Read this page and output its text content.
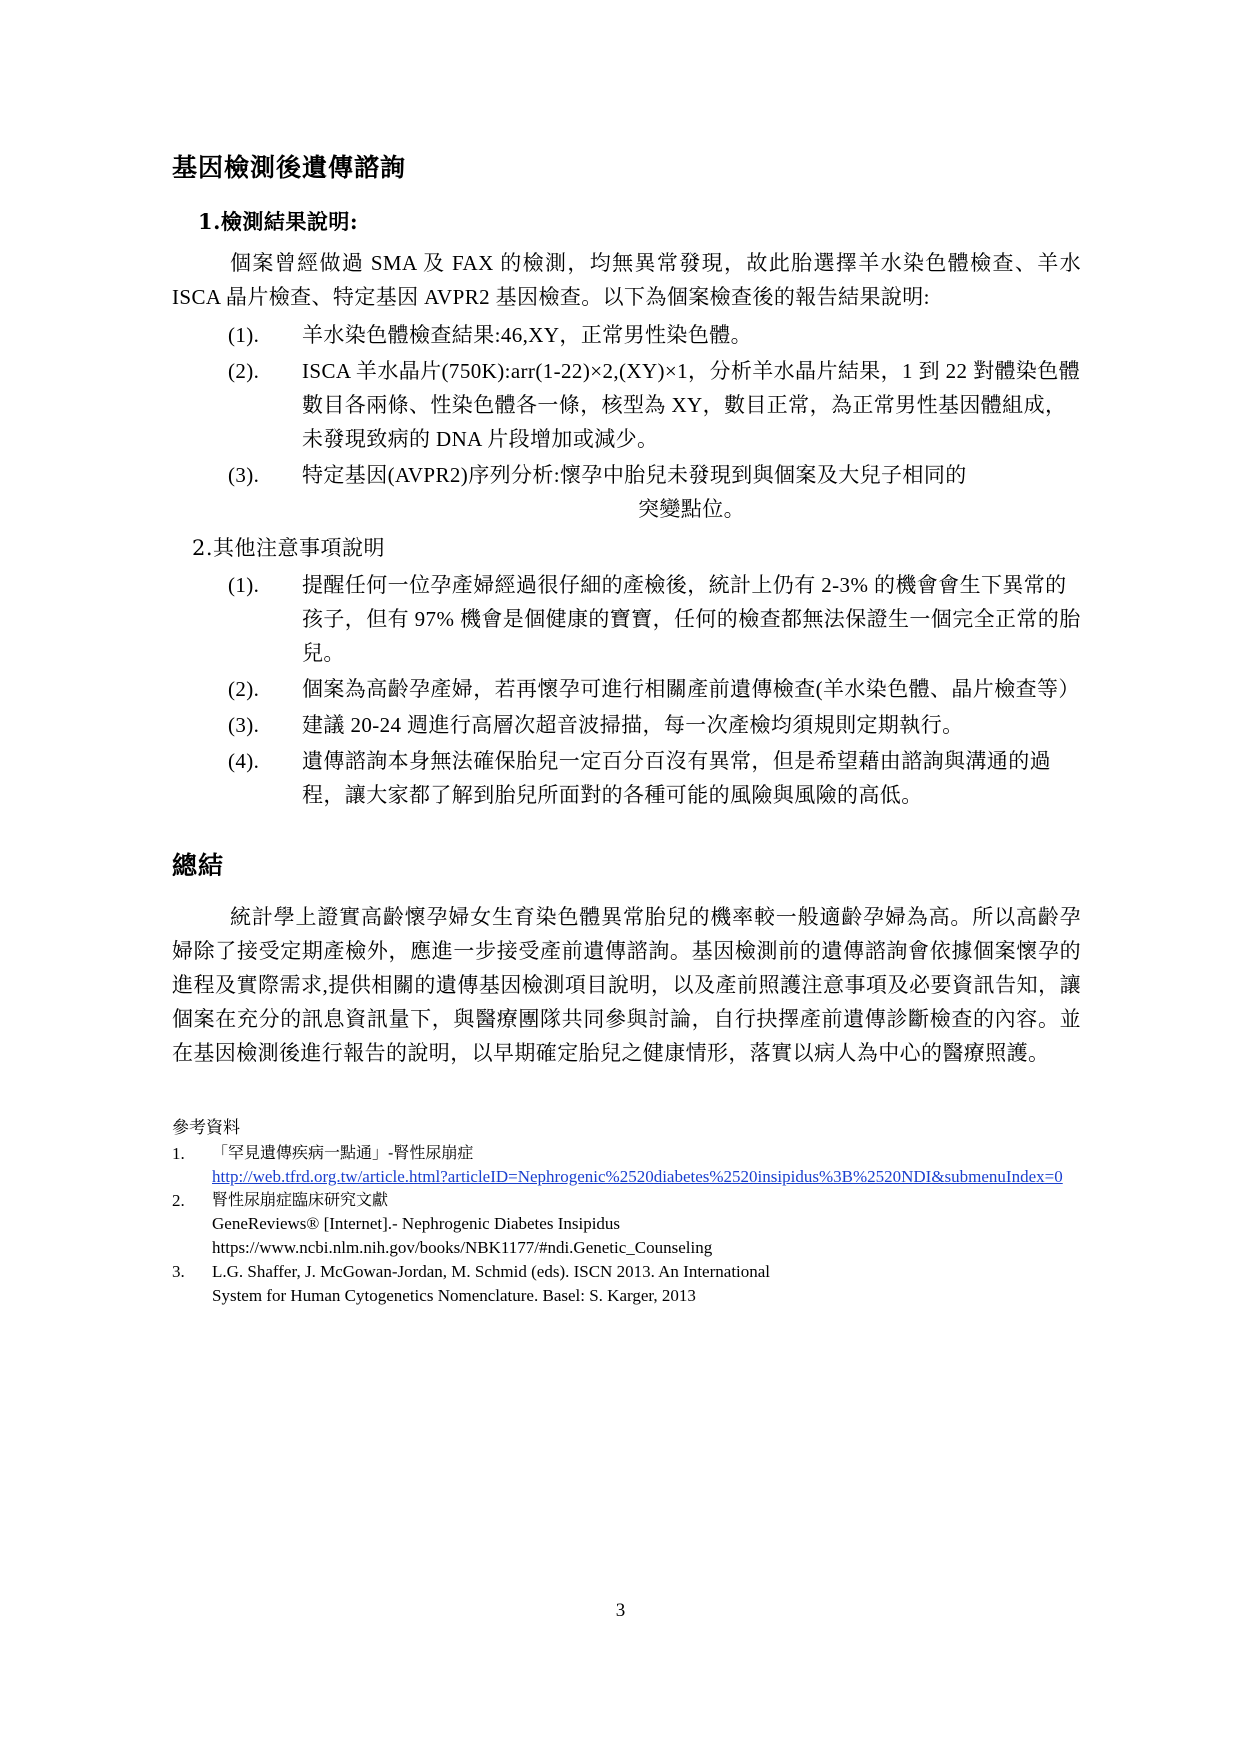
基因檢測後遺傳諮詢
1.檢測結果說明:

個案曾經做過 SMA 及 FAX 的檢測，均無異常發現，故此胎選擇羊水染色體檢查、羊水 ISCA 晶片檢查、特定基因 AVPR2 基因檢查。以下為個案檢查後的報告結果說明:

(1). 羊水染色體檢查結果:46,XY，正常男性染色體。
(2). ISCA 羊水晶片(750K):arr(1-22)×2,(XY)×1，分析羊水晶片結果，1 到 22 對體染色體數目各兩條、性染色體各一條，核型為 XY，數目正常，為正常男性基因體組成，未發現致病的 DNA 片段增加或減少。
(3). 特定基因(AVPR2)序列分析:懷孕中胎兒未發現到與個案及大兒子相同的
突變點位。
2.其他注意事項說明
(1). 提醒任何一位孕產婦經過很仔細的產檢後，統計上仍有 2-3% 的機會會生下異常的孩子，但有 97% 機會是個健康的寶寶，任何的檢查都無法保證生一個完全正常的胎兒。
(2). 個案為高齡孕產婦，若再懷孕可進行相關產前遺傳檢查(羊水染色體、晶片檢查等）
(3). 建議 20-24 週進行高層次超音波掃描，每一次產檢均須規則定期執行。
(4). 遺傳諮詢本身無法確保胎兒一定百分百沒有異常，但是希望藉由諮詢與溝通的過程，讓大家都了解到胎兒所面對的各種可能的風險與風險的高低。
總結

統計學上證實高齡懷孕婦女生育染色體異常胎兒的機率較一般適齡孕婦為高。所以高齡孕婦除了接受定期產檢外，應進一步接受產前遺傳諮詢。基因檢測前的遺傳諮詢會依據個案懷孕的進程及實際需求,提供相關的遺傳基因檢測項目說明，以及產前照護注意事項及必要資訊告知，讓個案在充分的訊息資訊量下，與醫療團隊共同參與討論，自行抉擇產前遺傳診斷檢查的內容。並在基因檢測後進行報告的說明，以早期確定胎兒之健康情形，落實以病人為中心的醫療照護。

參考資料
1.	「罕見遺傳疾病一點通」-腎性尿崩症
http://web.tfrd.org.tw/article.html?articleID=Nephrogenic%2520diabetes%2520insipidus%3B%2520NDI&submenuIndex=0
2.	腎性尿崩症臨床研究文獻
GeneReviews® [Internet].- Nephrogenic Diabetes Insipidus
https://www.ncbi.nlm.nih.gov/books/NBK1177/#ndi.Genetic_Counseling
3.	L.G. Shaffer, J. McGowan-Jordan, M. Schmid (eds). ISCN 2013. An International
System for Human Cytogenetics Nomenclature. Basel: S. Karger, 2013
3
